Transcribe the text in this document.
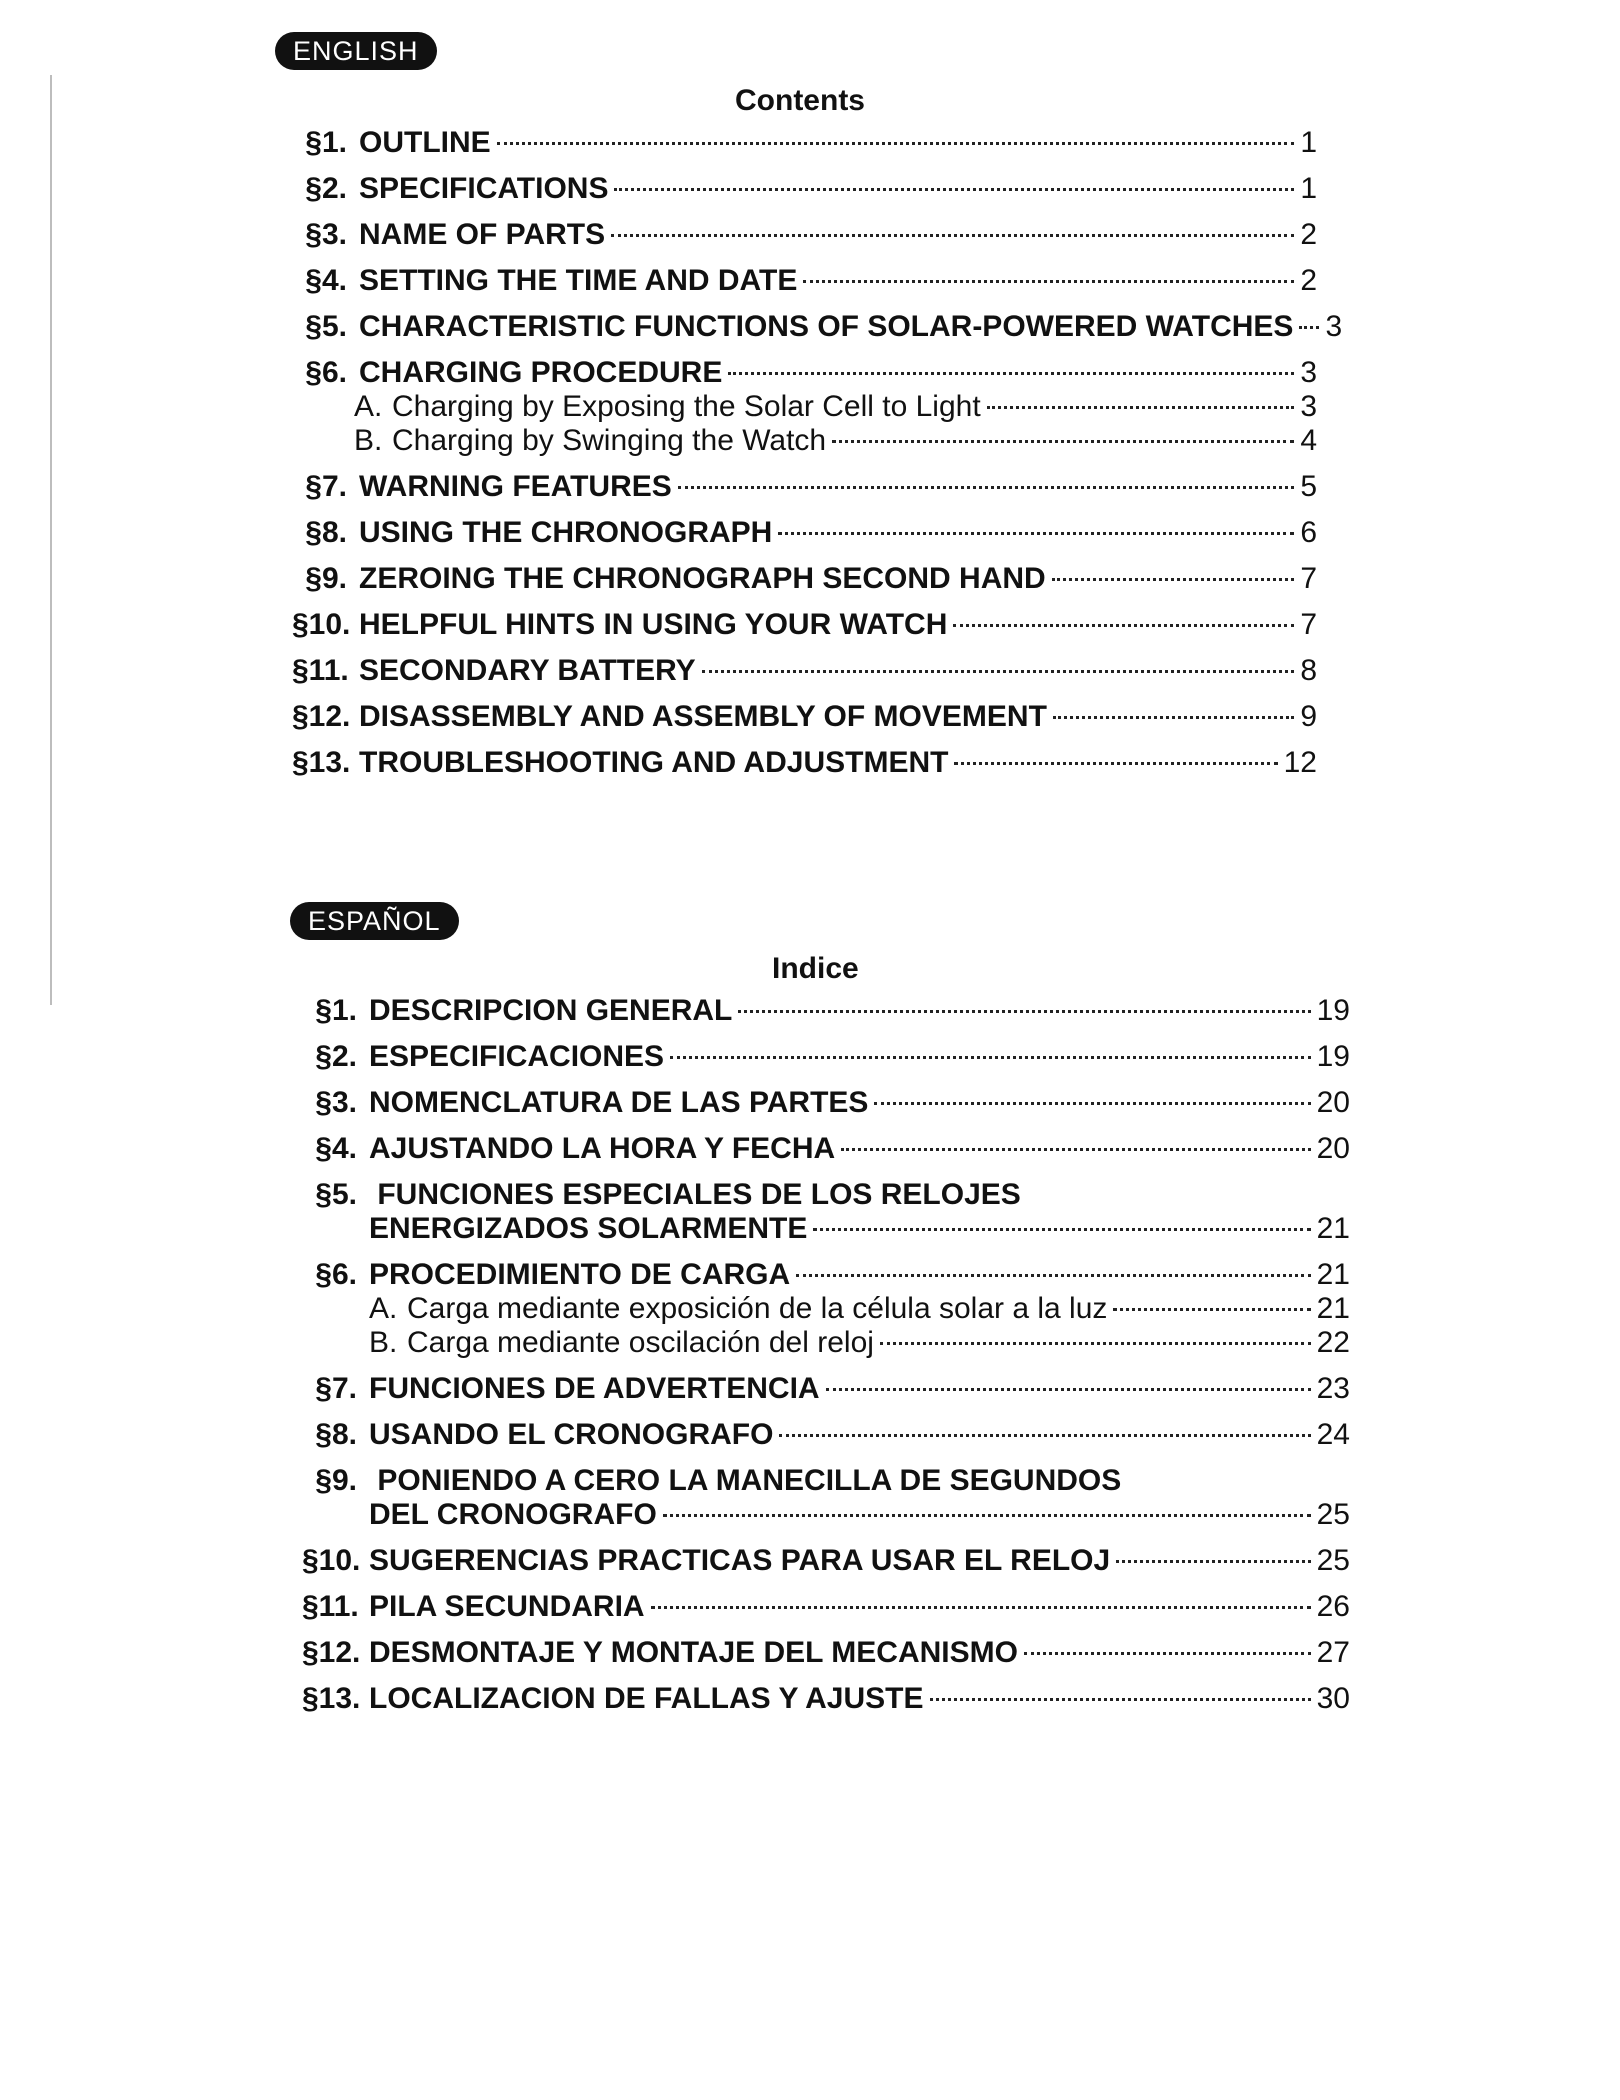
ENGLISH
Contents
§1. OUTLINE	1
§2. SPECIFICATIONS	1
§3. NAME OF PARTS	2
§4. SETTING THE TIME AND DATE	2
§5. CHARACTERISTIC FUNCTIONS OF SOLAR-POWERED WATCHES 3
§6. CHARGING PROCEDURE	3
A. Charging by Exposing the Solar Cell to Light	3
B. Charging by Swinging the Watch	4
§7. WARNING FEATURES	5
§8. USING THE CHRONOGRAPH	6
§9. ZEROING THE CHRONOGRAPH SECOND HAND	7
§10. HELPFUL HINTS IN USING YOUR WATCH	7
§11. SECONDARY BATTERY	8
§12. DISASSEMBLY AND ASSEMBLY OF MOVEMENT	9
§13. TROUBLESHOOTING AND ADJUSTMENT	12
ESPAÑOL
Indice
§1. DESCRIPCION GENERAL	19
§2. ESPECIFICACIONES	19
§3. NOMENCLATURA DE LAS PARTES	20
§4. AJUSTANDO LA HORA Y FECHA	20
§5. FUNCIONES ESPECIALES DE LOS RELOJES
ENERGIZADOS SOLARMENTE	21
§6. PROCEDIMIENTO DE CARGA	21
A. Carga mediante exposición de la célula solar a la luz	21
B. Carga mediante oscilación del reloj	22
§7. FUNCIONES DE ADVERTENCIA	23
§8. USANDO EL CRONOGRAFO	24
§9. PONIENDO A CERO LA MANECILLA DE SEGUNDOS
DEL CRONOGRAFO	25
§10. SUGERENCIAS PRACTICAS PARA USAR EL RELOJ	25
§11. PILA SECUNDARIA	26
§12. DESMONTAJE Y MONTAJE DEL MECANISMO	27
§13. LOCALIZACION DE FALLAS Y AJUSTE	30
